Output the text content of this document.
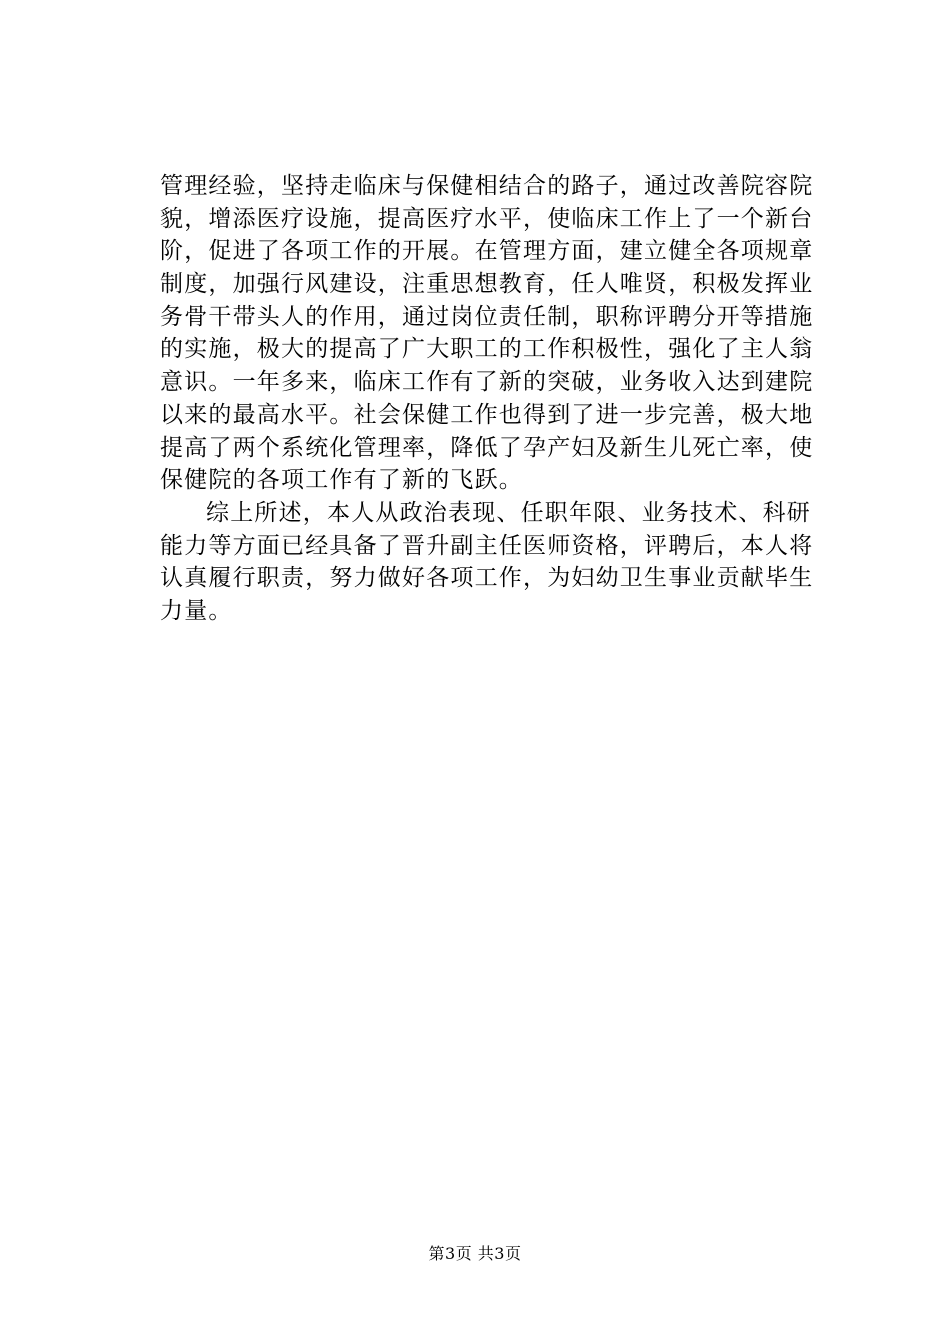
管理经验，坚持走临床与保健相结合的路子，通过改善院容院
貌，增添医疗设施，提高医疗水平，使临床工作上了一个新台
阶，促进了各项工作的开展。在管理方面，建立健全各项规章
制度，加强行风建设，注重思想教育，任人唯贤，积极发挥业
务骨干带头人的作用，通过岗位责任制，职称评聘分开等措施
的实施，极大的提高了广大职工的工作积极性，强化了主人翁
意识。一年多来，临床工作有了新的突破，业务收入达到建院
以来的最高水平。社会保健工作也得到了进一步完善，极大地
提高了两个系统化管理率，降低了孕产妇及新生儿死亡率，使
保健院的各项工作有了新的飞跃。
综上所述，本人从政治表现、任职年限、业务技术、科研
能力等方面已经具备了晋升副主任医师资格，评聘后，本人将
认真履行职责，努力做好各项工作，为妇幼卫生事业贡献毕生
力量。
第3页 共3页
